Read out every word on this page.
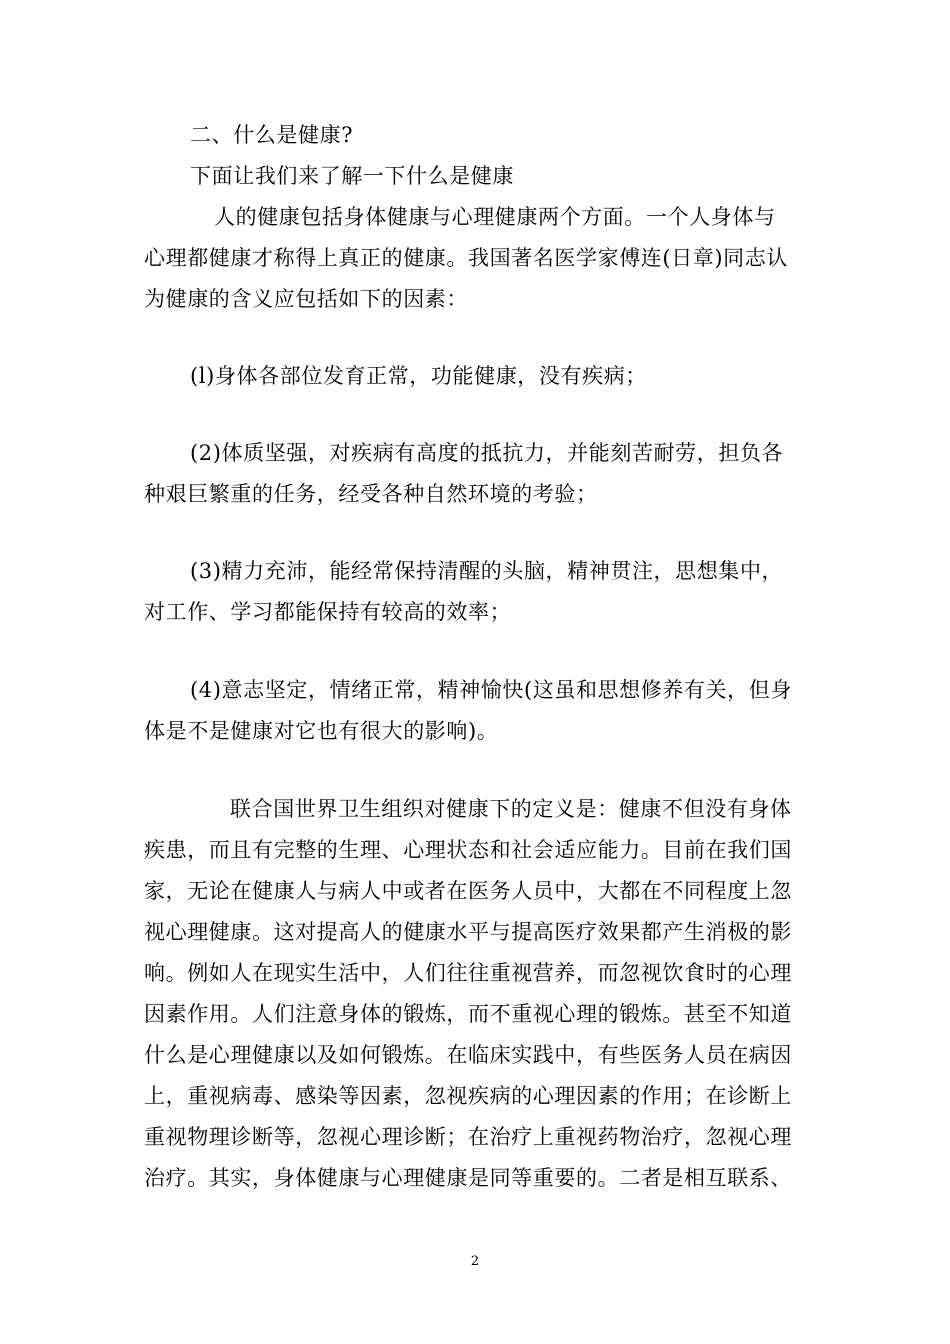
二、什么是健康?
下面让我们来了解一下什么是健康
人的健康包括身体健康与心理健康两个方面。一个人身体与
心理都健康才称得上真正的健康。我国著名医学家傅连(日章)同志认
为健康的含义应包括如下的因素：
(l)身体各部位发育正常，功能健康，没有疾病；
(2)体质坚强，对疾病有高度的抵抗力，并能刻苦耐劳，担负各
种艰巨繁重的任务，经受各种自然环境的考验；
(3)精力充沛，能经常保持清醒的头脑，精神贯注，思想集中，
对工作、学习都能保持有较高的效率；
(4)意志坚定，情绪正常，精神愉快(这虽和思想修养有关，但身
体是不是健康对它也有很大的影响)。
联合国世界卫生组织对健康下的定义是：健康不但没有身体
疾患，而且有完整的生理、心理状态和社会适应能力。目前在我们国
家，无论在健康人与病人中或者在医务人员中，大都在不同程度上忽
视心理健康。这对提高人的健康水平与提高医疗效果都产生消极的影
响。例如人在现实生活中，人们往往重视营养，而忽视饮食时的心理
因素作用。人们注意身体的锻炼，而不重视心理的锻炼。甚至不知道
什么是心理健康以及如何锻炼。在临床实践中，有些医务人员在病因
上，重视病毒、感染等因素，忽视疾病的心理因素的作用；在诊断上
重视物理诊断等，忽视心理诊断；在治疗上重视药物治疗，忽视心理
治疗。其实，身体健康与心理健康是同等重要的。二者是相互联系、
2
